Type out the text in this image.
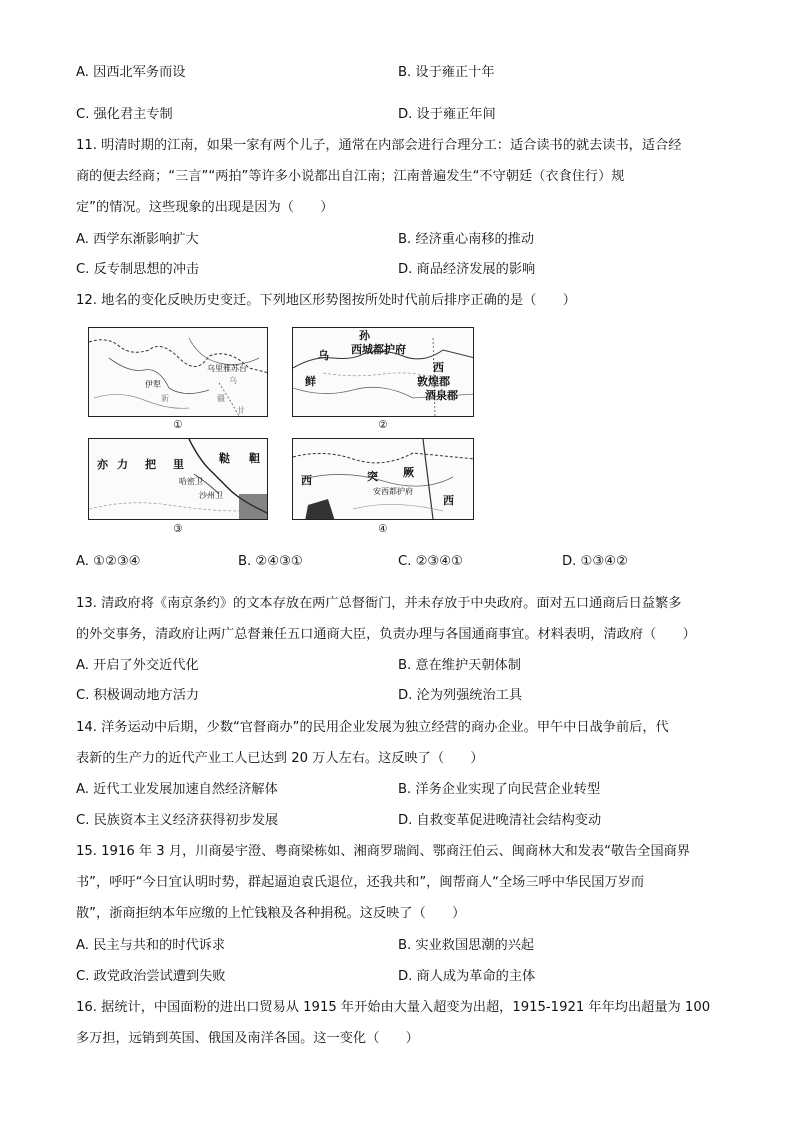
A. 因西北军务而设	B. 设于雍正十年
C. 强化君主专制	D. 设于雍正年间
11. 明清时期的江南，如果一家有两个儿子，通常在内部会进行合理分工：适合读书的就去读书，适合经
商的便去经商；“三言”“两拍”等许多小说都出自江南；江南普遍发生“不守朝廷（衣食住行）规
定”的情况。这些现象的出现是因为（　　）
A. 西学东渐影响扩大	B. 经济重心南移的推动
C. 反专制思想的冲击	D. 商品经济发展的影响
12. 地名的变化反映历史变迁。下列地区形势图按所处时代前后排序正确的是（　　）
乌里雅苏台
乌
伊犁
新	疆
甘
①
乌
孙
西城都护府
西
敦煌郡
酒泉郡
鲜
②
亦 力 把 里	鞑 靼
哈密卫
沙州卫
③
西	突 厥
安西都护府
西
④
A. ①②③④	B. ②④③①	C. ②③④①	D. ①③④②
13. 清政府将《南京条约》的文本存放在两广总督衙门，并未存放于中央政府。面对五口通商后日益繁多
的外交事务，清政府让两广总督兼任五口通商大臣，负责办理与各国通商事宜。材料表明，清政府（　　）
A. 开启了外交近代化	B. 意在维护天朝体制
C. 积极调动地方活力	D. 沦为列强统治工具
14. 洋务运动中后期，少数“官督商办”的民用企业发展为独立经营的商办企业。甲午中日战争前后，代
表新的生产力的近代产业工人已达到 20 万人左右。这反映了（　　）
A. 近代工业发展加速自然经济解体	B. 洋务企业实现了向民营企业转型
C. 民族资本主义经济获得初步发展	D. 自救变革促进晚清社会结构变动
15. 1916 年 3 月，川商晏宇澄、粤商梁栋如、湘商罗瑞阎、鄂商汪伯云、闽商林大和发表“敬告全国商界
书”，呼吁“今日宜认明时势，群起逼迫袁氏退位，还我共和”，闽帮商人“全场三呼中华民国万岁而
散”，浙商拒纳本年应缴的上忙钱粮及各种捐税。这反映了（　　）
A. 民主与共和的时代诉求	B. 实业救国思潮的兴起
C. 政党政治尝试遭到失败	D. 商人成为革命的主体
16. 据统计，中国面粉的进出口贸易从 1915 年开始由大量入超变为出超，1915-1921 年年均出超量为 100
多万担，远销到英国、俄国及南洋各国。这一变化（　　）
